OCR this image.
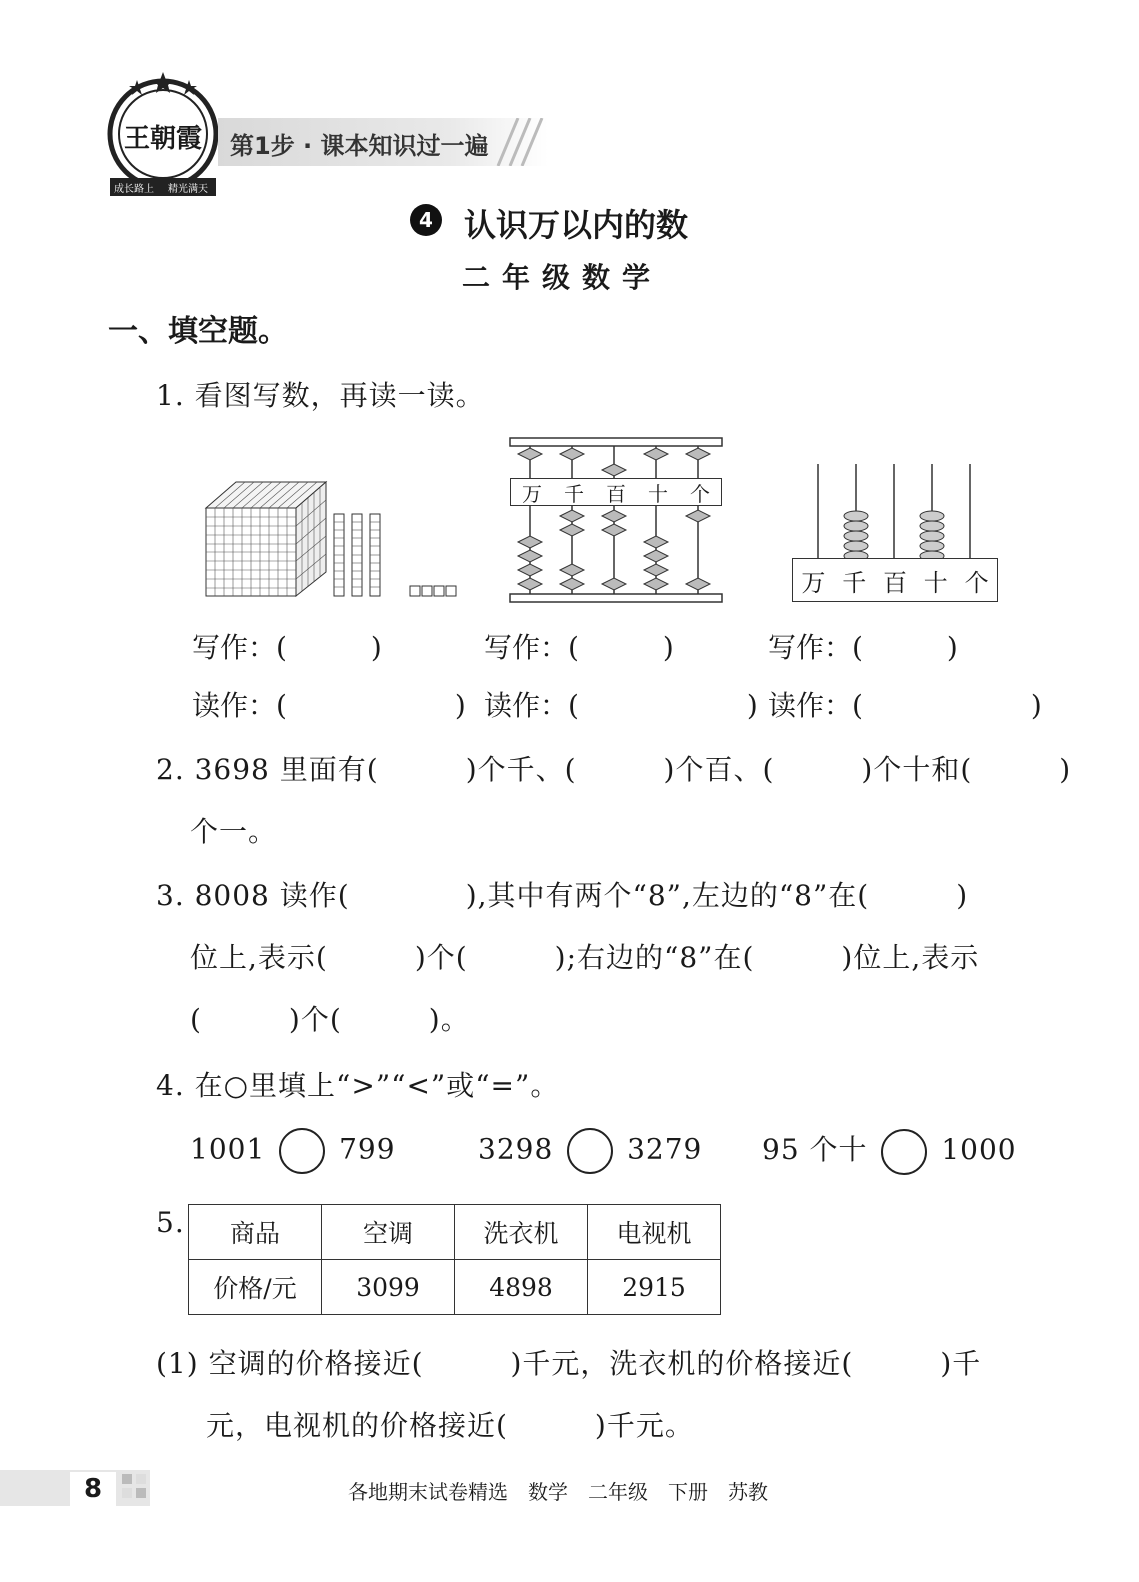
王朝霞
成长路上 精光满天
第1步 · 课本知识过一遍
4 认识万以内的数
二年级数学
一、填空题。
1. 看图写数，再读一读。
万 千 百 十 个
万 千 百 十 个
写作：(　　　)	写作：(　　　)	写作：(　　　)
读作：(　　　　　　) 读作：(　　　　　　) 读作：(　　　　　　)
2. 3698 里面有(　　　)个千、(　　　)个百、(　　　)个十和(　　　)
个一。
3. 8008 读作(　　　　),其中有两个“8”,左边的“8”在(　　　)
位上,表示(　　　)个(　　　);右边的“8”在(　　　)位上,表示
(　　　)个(　　　)。
4. 在○里填上“>”“<”或“=”。
1001	799	3298	3279 95 个十	1000
5. 商品	空调	洗衣机	电视机
价格/元	3099	4898	2915
(1) 空调的价格接近(　　　)千元，洗衣机的价格接近(　　　)千
元，电视机的价格接近(　　　)千元。
8	各地期末试卷精选　数学　二年级　下册　苏教
